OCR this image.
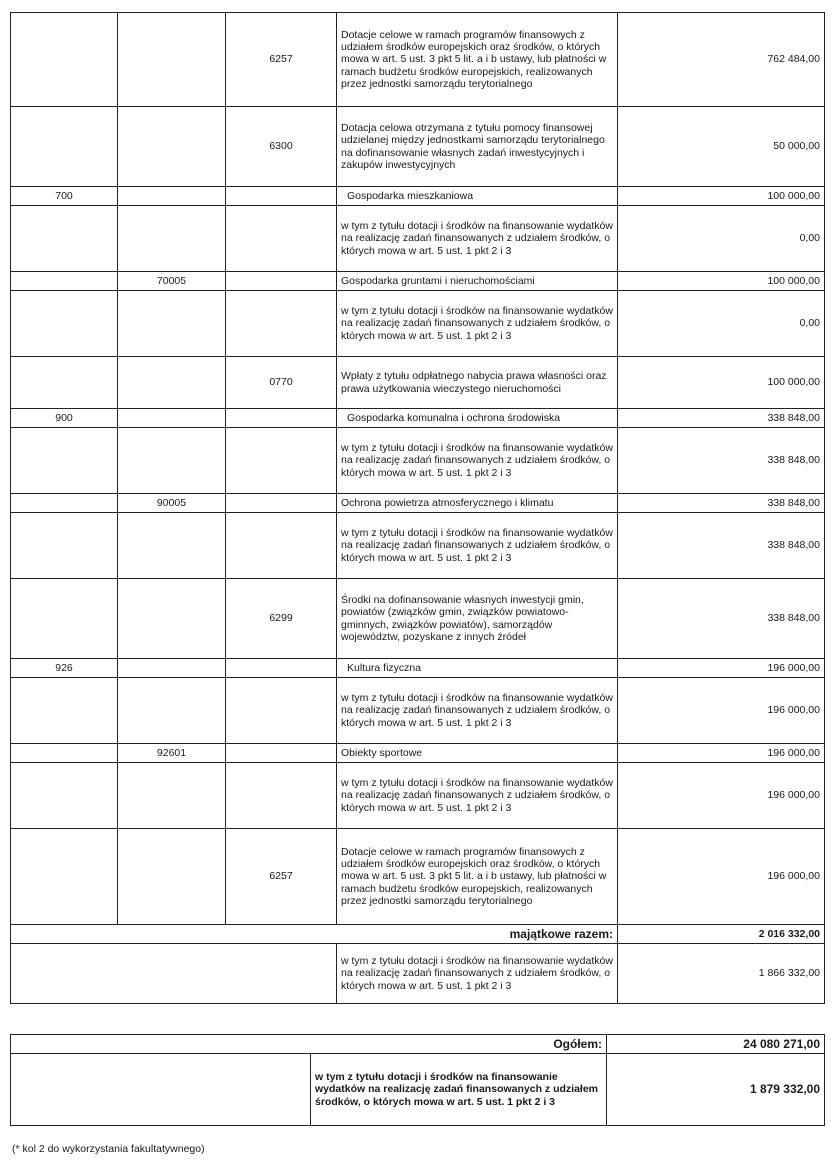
		6257	Dotacje celowe w ramach programów finansowych z udziałem środków europejskich oraz środków, o których mowa w art. 5 ust. 3 pkt 5 lit. a i b ustawy, lub płatności w ramach budżetu środków europejskich, realizowanych przez jednostki samorządu terytorialnego	762 484,00
		6300	Dotacja celowa otrzymana z tytułu pomocy finansowej udzielanej między jednostkami samorządu terytorialnego na dofinansowanie własnych zadań inwestycyjnych i zakupów inwestycyjnych	50 000,00
700			Gospodarka mieszkaniowa	100 000,00
			w tym z tytułu dotacji i środków na finansowanie wydatków na realizację zadań finansowanych z udziałem środków, o których mowa w art. 5 ust. 1 pkt 2 i 3	0,00
	70005		Gospodarka gruntami i nieruchomościami	100 000,00
			w tym z tytułu dotacji i środków na finansowanie wydatków na realizację zadań finansowanych z udziałem środków, o których mowa w art. 5 ust. 1 pkt 2 i 3	0,00
		0770	Wpłaty z tytułu odpłatnego nabycia prawa własności oraz prawa użytkowania wieczystego nieruchomości	100 000,00
900			Gospodarka komunalna i ochrona środowiska	338 848,00
			w tym z tytułu dotacji i środków na finansowanie wydatków na realizację zadań finansowanych z udziałem środków, o których mowa w art. 5 ust. 1 pkt 2 i 3	338 848,00
	90005		Ochrona powietrza atmosferycznego i klimatu	338 848,00
			w tym z tytułu dotacji i środków na finansowanie wydatków na realizację zadań finansowanych z udziałem środków, o których mowa w art. 5 ust. 1 pkt 2 i 3	338 848,00
		6299	Środki na dofinansowanie własnych inwestycji gmin, powiatów (związków gmin, związków powiatowo-gminnych, związków powiatów), samorządów województw, pozyskane z innych źródeł	338 848,00
926			Kultura fizyczna	196 000,00
			w tym z tytułu dotacji i środków na finansowanie wydatków na realizację zadań finansowanych z udziałem środków, o których mowa w art. 5 ust. 1 pkt 2 i 3	196 000,00
	92601		Obiekty sportowe	196 000,00
			w tym z tytułu dotacji i środków na finansowanie wydatków na realizację zadań finansowanych z udziałem środków, o których mowa w art. 5 ust. 1 pkt 2 i 3	196 000,00
		6257	Dotacje celowe w ramach programów finansowych z udziałem środków europejskich oraz środków, o których mowa w art. 5 ust. 3 pkt 5 lit. a i b ustawy, lub płatności w ramach budżetu środków europejskich, realizowanych przez jednostki samorządu terytorialnego	196 000,00
majątkowe razem:				2 016 332,00
			w tym z tytułu dotacji i środków na finansowanie wydatków na realizację zadań finansowanych z udziałem środków, o których mowa w art. 5 ust. 1 pkt 2 i 3	1 866 332,00
Ogółem:		24 080 271,00
	w tym z tytułu dotacji i środków na finansowanie wydatków na realizację zadań finansowanych z udziałem środków, o których mowa w art. 5 ust. 1 pkt 2 i 3	1 879 332,00
(* kol 2 do wykorzystania fakultatywnego)
